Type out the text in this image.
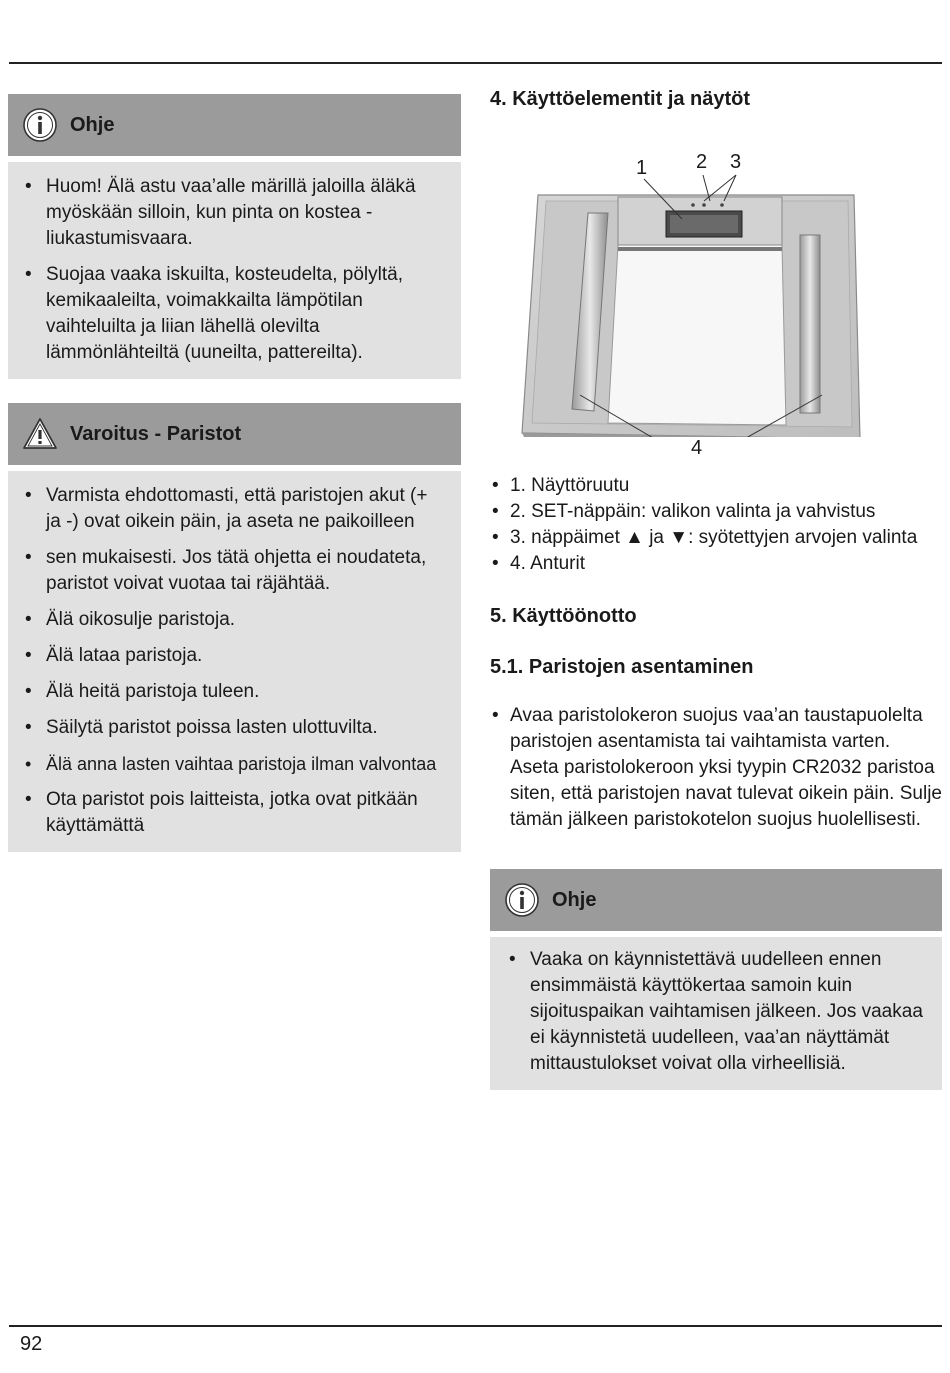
Ohje
• Huom! Älä astu vaa’alle märillä jaloilla äläkä myöskään silloin, kun pinta on kostea - liukastumisvaara.
• Suojaa vaaka iskuilta, kosteudelta, pölyltä, kemikaaleilta, voimakkailta lämpötilan vaihteluilta ja liian lähellä olevilta lämmönlähteiltä (uuneilta, pattereilta).
Varoitus - Paristot
• Varmista ehdottomasti, että paristojen akut (+ ja -) ovat oikein päin, ja aseta ne paikoilleen
• sen mukaisesti. Jos tätä ohjetta ei noudateta, paristot voivat vuotaa tai räjähtää.
• Älä oikosulje paristoja.
• Älä lataa paristoja.
• Älä heitä paristoja tuleen.
• Säilytä paristot poissa lasten ulottuvilta.
• Älä anna lasten vaihtaa paristoja ilman valvontaa
• Ota paristot pois laitteista, jotka ovat pitkään käyttämättä
4. Käyttöelementit ja näytöt
1 2 3
4
• 1. Näyttöruutu
• 2. SET-näppäin: valikon valinta ja vahvistus
• 3. näppäimet ▲ ja ▼: syötettyjen arvojen valinta
• 4. Anturit
5. Käyttöönotto
5.1. Paristojen asentaminen
• Avaa paristolokeron suojus vaa’an taustapuolelta paristojen asentamista tai vaihtamista varten. Aseta paristolokeroon yksi tyypin CR2032 paristoa siten, että paristojen navat tulevat oikein päin. Sulje tämän jälkeen paristokotelon suojus huolellisesti.
Ohje
• Vaaka on käynnistettävä uudelleen ennen ensimmäistä käyttökertaa samoin kuin sijoituspaikan vaihtamisen jälkeen. Jos vaakaa ei käynnistetä uudelleen, vaa’an näyttämät mittaustulokset voivat olla virheellisiä.
92
